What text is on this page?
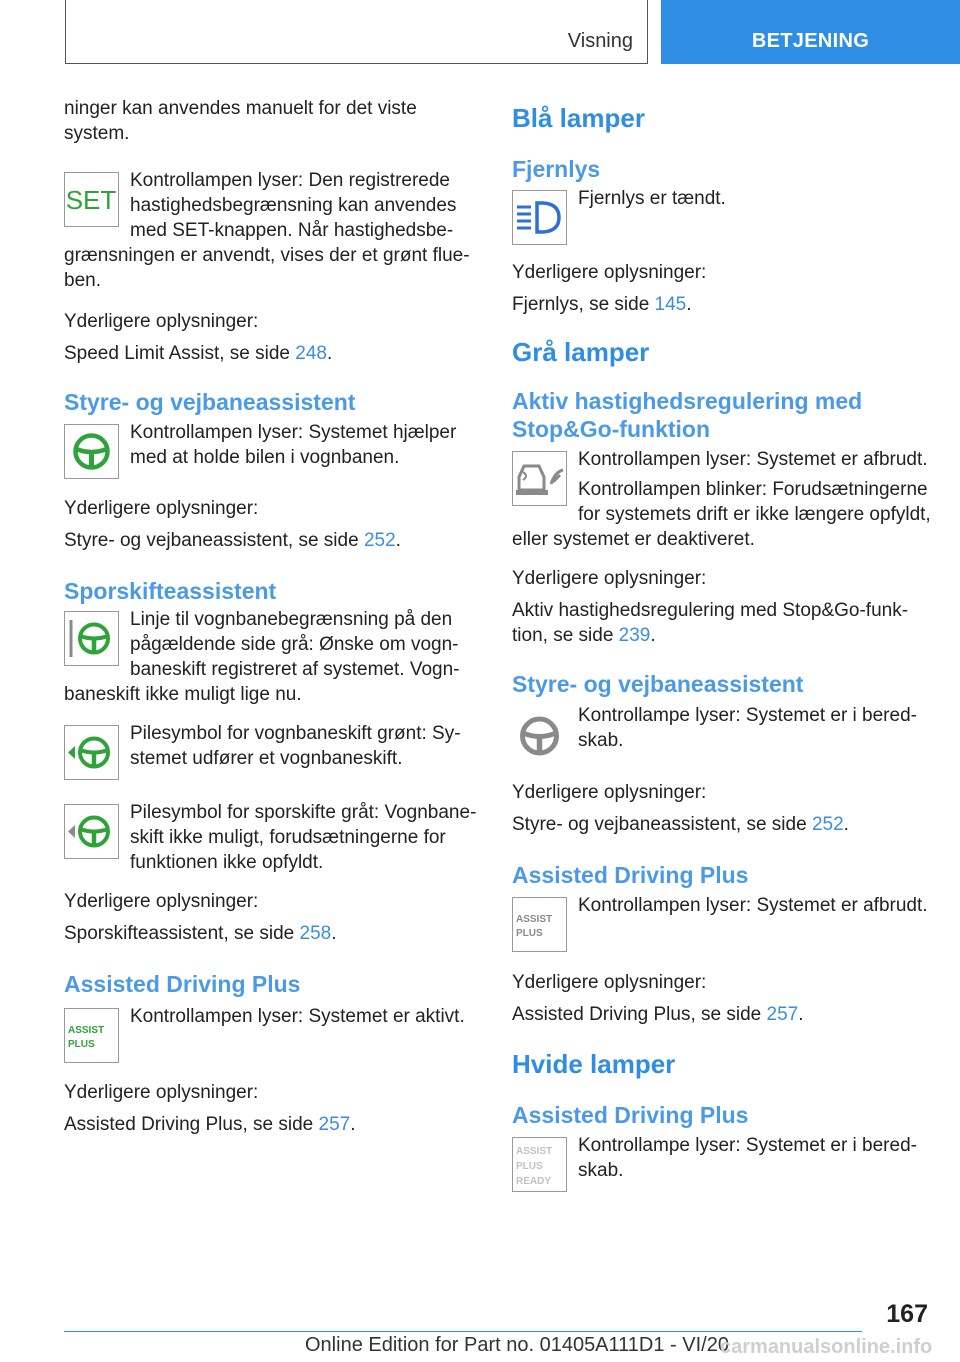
Visning	BETJENING

ninger kan anvendes manuelt for det viste system.

SET

Kontrollampen lyser: Den registrerede hastighedsbegrænsning kan anvendes med SET-knappen. Når hastighedsbegrænsningen er anvendt, vises der et grønt flueben.

Yderligere oplysninger:

Speed Limit Assist, se side 248.

Styre- og vejbaneassistent

Kontrollampen lyser: Systemet hjælper med at holde bilen i vognbanen.

Yderligere oplysninger:

Styre- og vejbaneassistent, se side 252.

Sporskifteassistent

Linje til vognbanebegrænsning på den pågældende side grå: Ønske om vognbaneskift registreret af systemet. Vognbaneskift ikke muligt lige nu.

Pilesymbol for vognbaneskift grønt: Systemet udfører et vognbaneskift.

Pilesymbol for sporskifte gråt: Vognbaneskift ikke muligt, forudsætningerne for funktionen ikke opfyldt.

Yderligere oplysninger:

Sporskifteassistent, se side 258.

Assisted Driving Plus

ASSIST
PLUS

Kontrollampen lyser: Systemet er aktivt.

Yderligere oplysninger:

Assisted Driving Plus, se side 257.

Blå lamper

Fjernlys

Fjernlys er tændt.

Yderligere oplysninger:

Fjernlys, se side 145.

Grå lamper

Aktiv hastighedsregulering med Stop&Go-funktion

Kontrollampen lyser: Systemet er afbrudt.

Kontrollampen blinker: Forudsætningerne for systemets drift er ikke længere opfyldt, eller systemet er deaktiveret.

Yderligere oplysninger:

Aktiv hastighedsregulering med Stop&Go-funktion, se side 239.

Styre- og vejbaneassistent

Kontrollampe lyser: Systemet er i beredskab.

Yderligere oplysninger:

Styre- og vejbaneassistent, se side 252.

Assisted Driving Plus

ASSIST
PLUS

Kontrollampen lyser: Systemet er afbrudt.

Yderligere oplysninger:

Assisted Driving Plus, se side 257.

Hvide lamper

Assisted Driving Plus

ASSIST
PLUS
READY

Kontrollampe lyser: Systemet er i beredskab.

167
Online Edition for Part no. 01405A111D1 - VI/20
carmanualsonline.info
